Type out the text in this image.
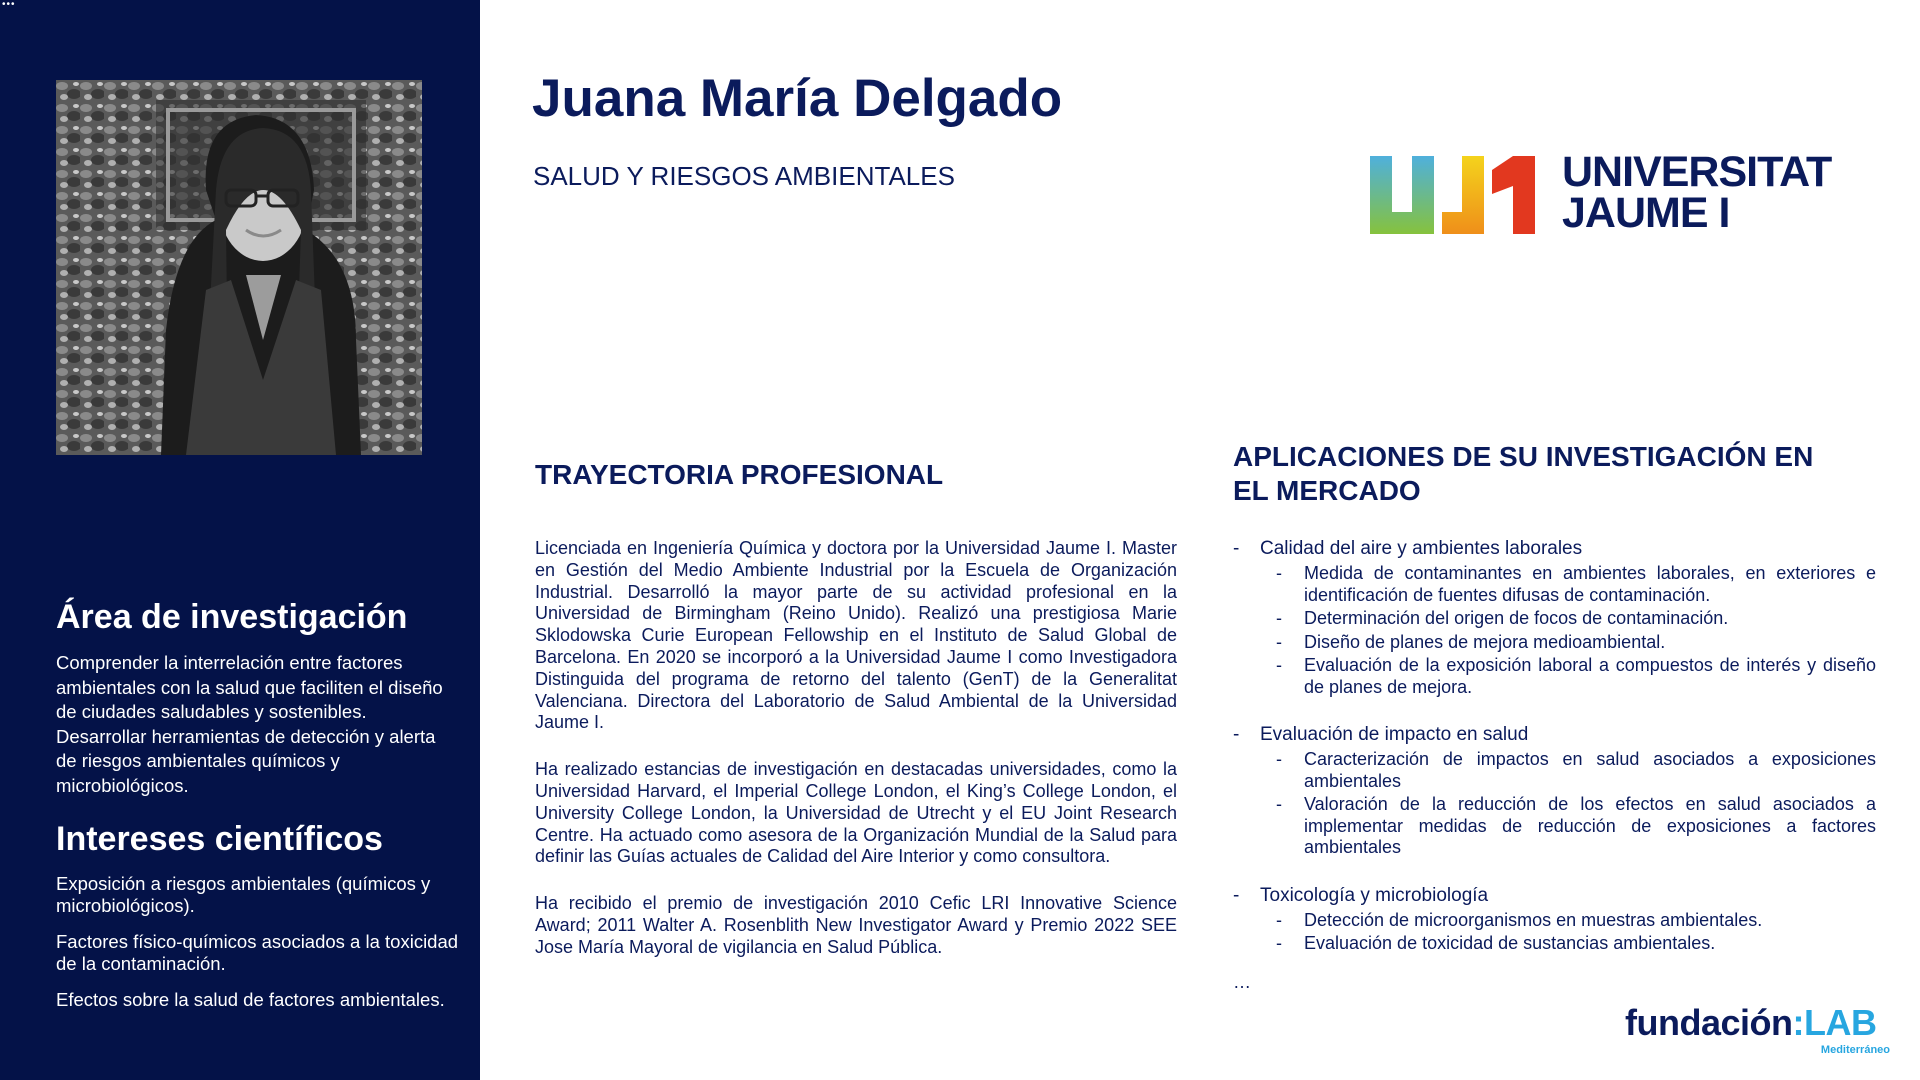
•••
Área de investigación

Comprender la interrelación entre factores ambientales con la salud que faciliten el diseño de ciudades saludables y sostenibles. Desarrollar herramientas de detección y alerta de riesgos ambientales químicos y microbiológicos.

Intereses científicos
Exposición a riesgos ambientales (químicos y microbiológicos).
Factores físico-químicos asociados a la toxicidad de la contaminación.
Efectos sobre la salud de factores ambientales.
Juana María Delgado
SALUD Y RIESGOS AMBIENTALES	UNIVERSITAT
JAUME I
TRAYECTORIA PROFESIONAL

Licenciada en Ingeniería Química y doctora por la Universidad Jaume I. Master en Gestión del Medio Ambiente Industrial por la Escuela de Organización Industrial. Desarrolló la mayor parte de su actividad profesional en la Universidad de Birmingham (Reino Unido). Realizó una prestigiosa Marie Sklodowska Curie European Fellowship en el Instituto de Salud Global de Barcelona. En 2020 se incorporó a la Universidad Jaume I como Investigadora Distinguida del programa de retorno del talento (GenT) de la Generalitat Valenciana. Directora del Laboratorio de Salud Ambiental de la Universidad Jaume I.

Ha realizado estancias de investigación en destacadas universidades, como la Universidad Harvard, el Imperial College London, el King’s College London, el University College London, la Universidad de Utrecht y el EU Joint Research Centre. Ha actuado como asesora de la Organización Mundial de la Salud para definir las Guías actuales de Calidad del Aire Interior y como consultora.

Ha recibido el premio de investigación 2010 Cefic LRI Innovative Science Award; 2011 Walter A. Rosenblith New Investigator Award y Premio 2022 SEE Jose María Mayoral de vigilancia en Salud Pública.

APLICACIONES DE SU INVESTIGACIÓN EN
EL MERCADO
- Calidad del aire y ambientes laborales
- Medida de contaminantes en ambientes laborales, en exteriores e identificación de fuentes difusas de contaminación.
- Determinación del origen de focos de contaminación.
- Diseño de planes de mejora medioambiental.
- Evaluación de la exposición laboral a compuestos de interés y diseño de planes de mejora.
- Evaluación de impacto en salud
- Caracterización de impactos en salud asociados a exposiciones ambientales
- Valoración de la reducción de los efectos en salud asociados a implementar medidas de reducción de exposiciones a factores ambientales
- Toxicología y microbiología
- Detección de microorganismos en muestras ambientales.
- Evaluación de toxicidad de sustancias ambientales.
…
fundación:LAB
Mediterráneo
